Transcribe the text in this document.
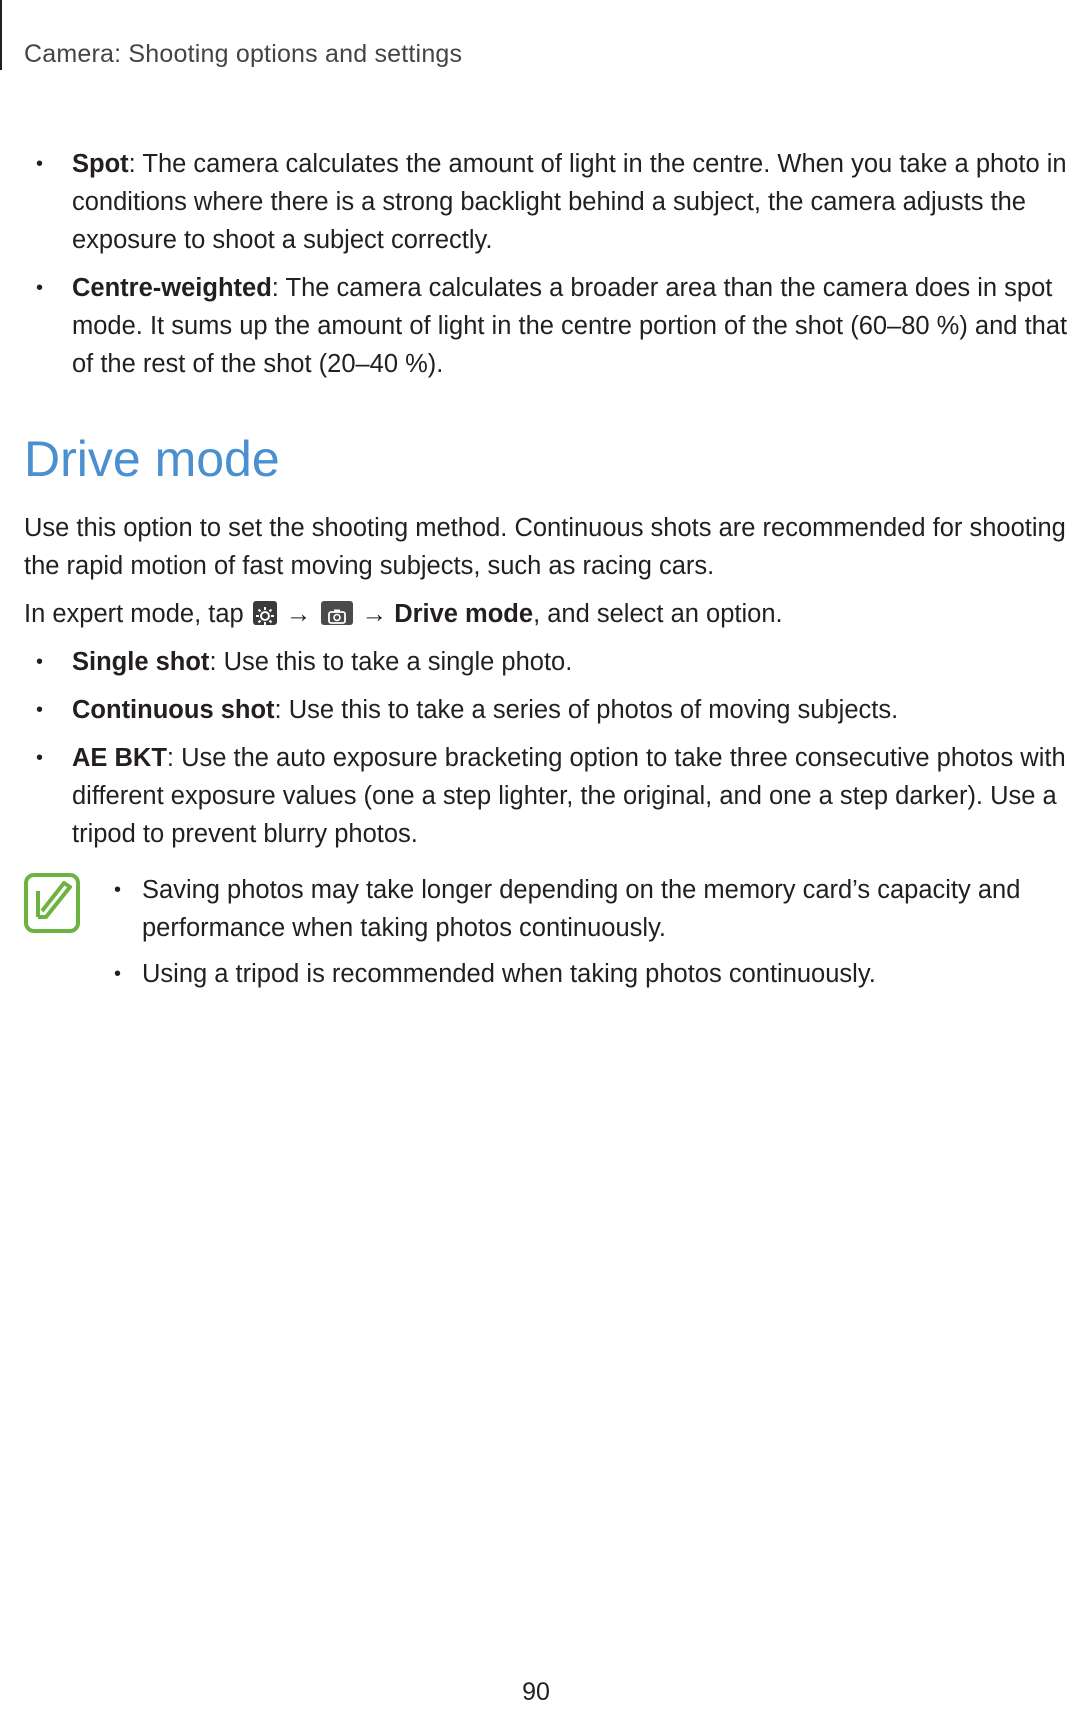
Camera: Shooting options and settings
• Spot: The camera calculates the amount of light in the centre. When you take a photo in conditions where there is a strong backlight behind a subject, the camera adjusts the exposure to shoot a subject correctly.
• Centre-weighted: The camera calculates a broader area than the camera does in spot mode. It sums up the amount of light in the centre portion of the shot (60–80 %) and that of the rest of the shot (20–40 %).
Drive mode

Use this option to set the shooting method. Continuous shots are recommended for shooting the rapid motion of fast moving subjects, such as racing cars.

In expert mode, tap → → Drive mode, and select an option.

• Single shot: Use this to take a single photo.
• Continuous shot: Use this to take a series of photos of moving subjects.
• AE BKT: Use the auto exposure bracketing option to take three consecutive photos with different exposure values (one a step lighter, the original, and one a step darker). Use a tripod to prevent blurry photos.
• Saving photos may take longer depending on the memory card’s capacity and performance when taking photos continuously.
• Using a tripod is recommended when taking photos continuously.
90
